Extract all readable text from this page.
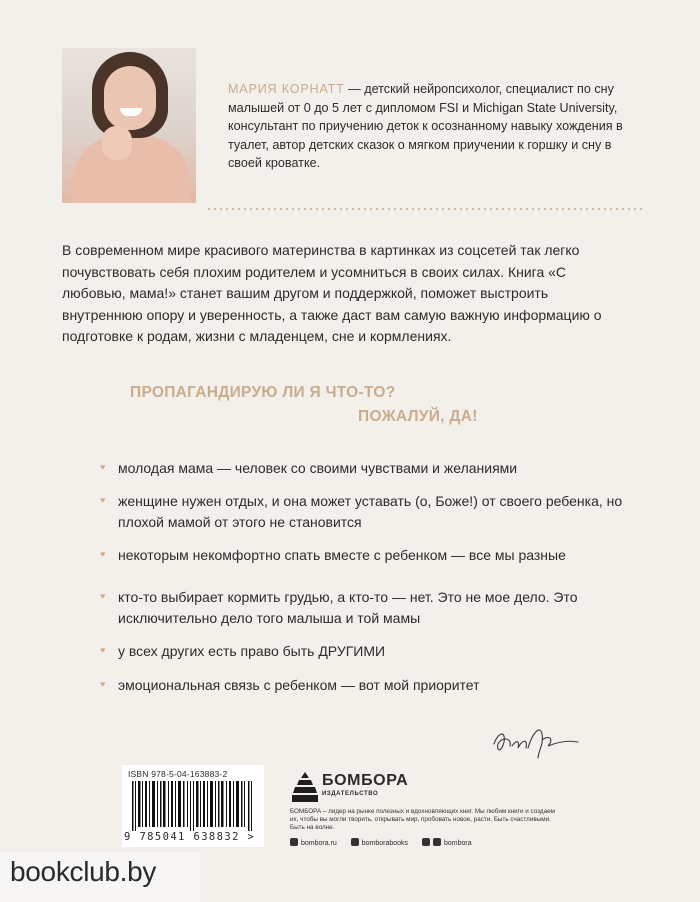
МАРИЯ КОРНАТТ — детский нейропсихолог, специалист по сну малышей от 0 до 5 лет с дипломом FSI и Michigan State University, консультант по приучению деток к осознанному навыку хождения в туалет, автор детских сказок о мягком приучении к горшку и сну в своей кроватке.

В современном мире красивого материнства в картинках из соцсетей так легко почувствовать себя плохим родителем и усомниться в своих силах. Книга «С любовью, мама!» станет вашим другом и поддержкой, поможет выстроить внутреннюю опору и уверенность, а также даст вам самую важную информацию о подготовке к родам, жизни с младенцем, сне и кормлениях.

ПРОПАГАНДИРУЮ ЛИ Я ЧТО-ТО?

ПОЖАЛУЙ, ДА!

♥ молодая мама — человек со своими чувствами и желаниями

♥ женщине нужен отдых, и она может уставать (о, Боже!) от своего ребенка, но плохой мамой от этого не становится

♥ некоторым некомфортно спать вместе с ребенком — все мы разные

♥ кто-то выбирает кормить грудью, а кто-то — нет. Это не мое дело. Это исключительно дело того малыша и той мамы

♥ у всех других есть право быть ДРУГИМИ

♥ эмоциональная связь с ребенком — вот мой приоритет

ISBN 978-5-04-163883-2
9 785041 638832 >

БОМБОРА

ИЗДАТЕЛЬСТВО

БОМБОРА – лидер на рынке полезных и вдохновляющих книг. Мы любим книги и создаем их, чтобы вы могли творить, открывать мир, пробовать новое, расти. Быть счастливыми. Быть на волне.

bombora.ru	bomborabooks	bombora

bookclub.by
